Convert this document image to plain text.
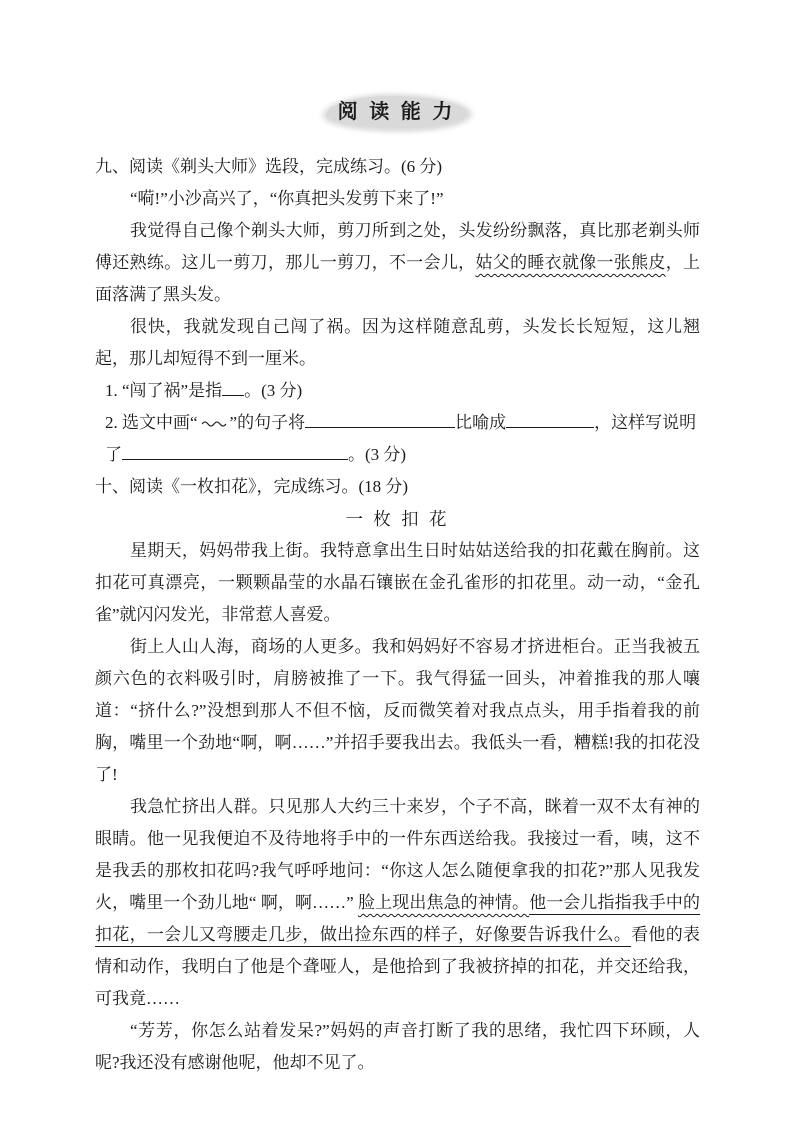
阅 读 能 力

九、阅读《剃头大师》选段，完成练习。(6 分)

“嗬!”小沙高兴了，“你真把头发剪下来了!”

我觉得自己像个剃头大师，剪刀所到之处，头发纷纷飘落，真比那老剃头师傅还熟练。这儿一剪刀，那儿一剪刀，不一会儿，姑父的睡衣就像一张熊皮，上面落满了黑头发。

很快，我就发现自己闯了祸。因为这样随意乱剪，头发长长短短，这儿翘起，那儿却短得不到一厘米。

1. “闯了祸”是指 。(3 分)

2. 选文中画“ ”的句子将	比喻成	，这样写说明

了	。(3 分)

十、阅读《一枚扣花》，完成练习。(18 分)

一 枚 扣 花

星期天，妈妈带我上街。我特意拿出生日时姑姑送给我的扣花戴在胸前。这扣花可真漂亮，一颗颗晶莹的水晶石镶嵌在金孔雀形的扣花里。动一动，“金孔雀”就闪闪发光，非常惹人喜爱。

街上人山人海，商场的人更多。我和妈妈好不容易才挤进柜台。正当我被五颜六色的衣料吸引时，肩膀被推了一下。我气得猛一回头，冲着推我的那人嚷道：“挤什么?”没想到那人不但不恼，反而微笑着对我点点头，用手指着我的前胸，嘴里一个劲地“啊，啊……”并招手要我出去。我低头一看，糟糕!我的扣花没了!

我急忙挤出人群。只见那人大约三十来岁，个子不高，眯着一双不太有神的眼睛。他一见我便迫不及待地将手中的一件东西送给我。我接过一看，咦，这不是我丢的那枚扣花吗?我气呼呼地问：“你这人怎么随便拿我的扣花?”那人见我发火，嘴里一个劲儿地“ 啊，啊……” 脸上现出焦急的神情。他一会儿指指我手中的扣花，一会儿又弯腰走几步，做出捡东西的样子，好像要告诉我什么。看他的表情和动作，我明白了他是个聋哑人，是他拾到了我被挤掉的扣花，并交还给我，可我竟……

“芳芳，你怎么站着发呆?”妈妈的声音打断了我的思绪，我忙四下环顾，人呢?我还没有感谢他呢，他却不见了。
